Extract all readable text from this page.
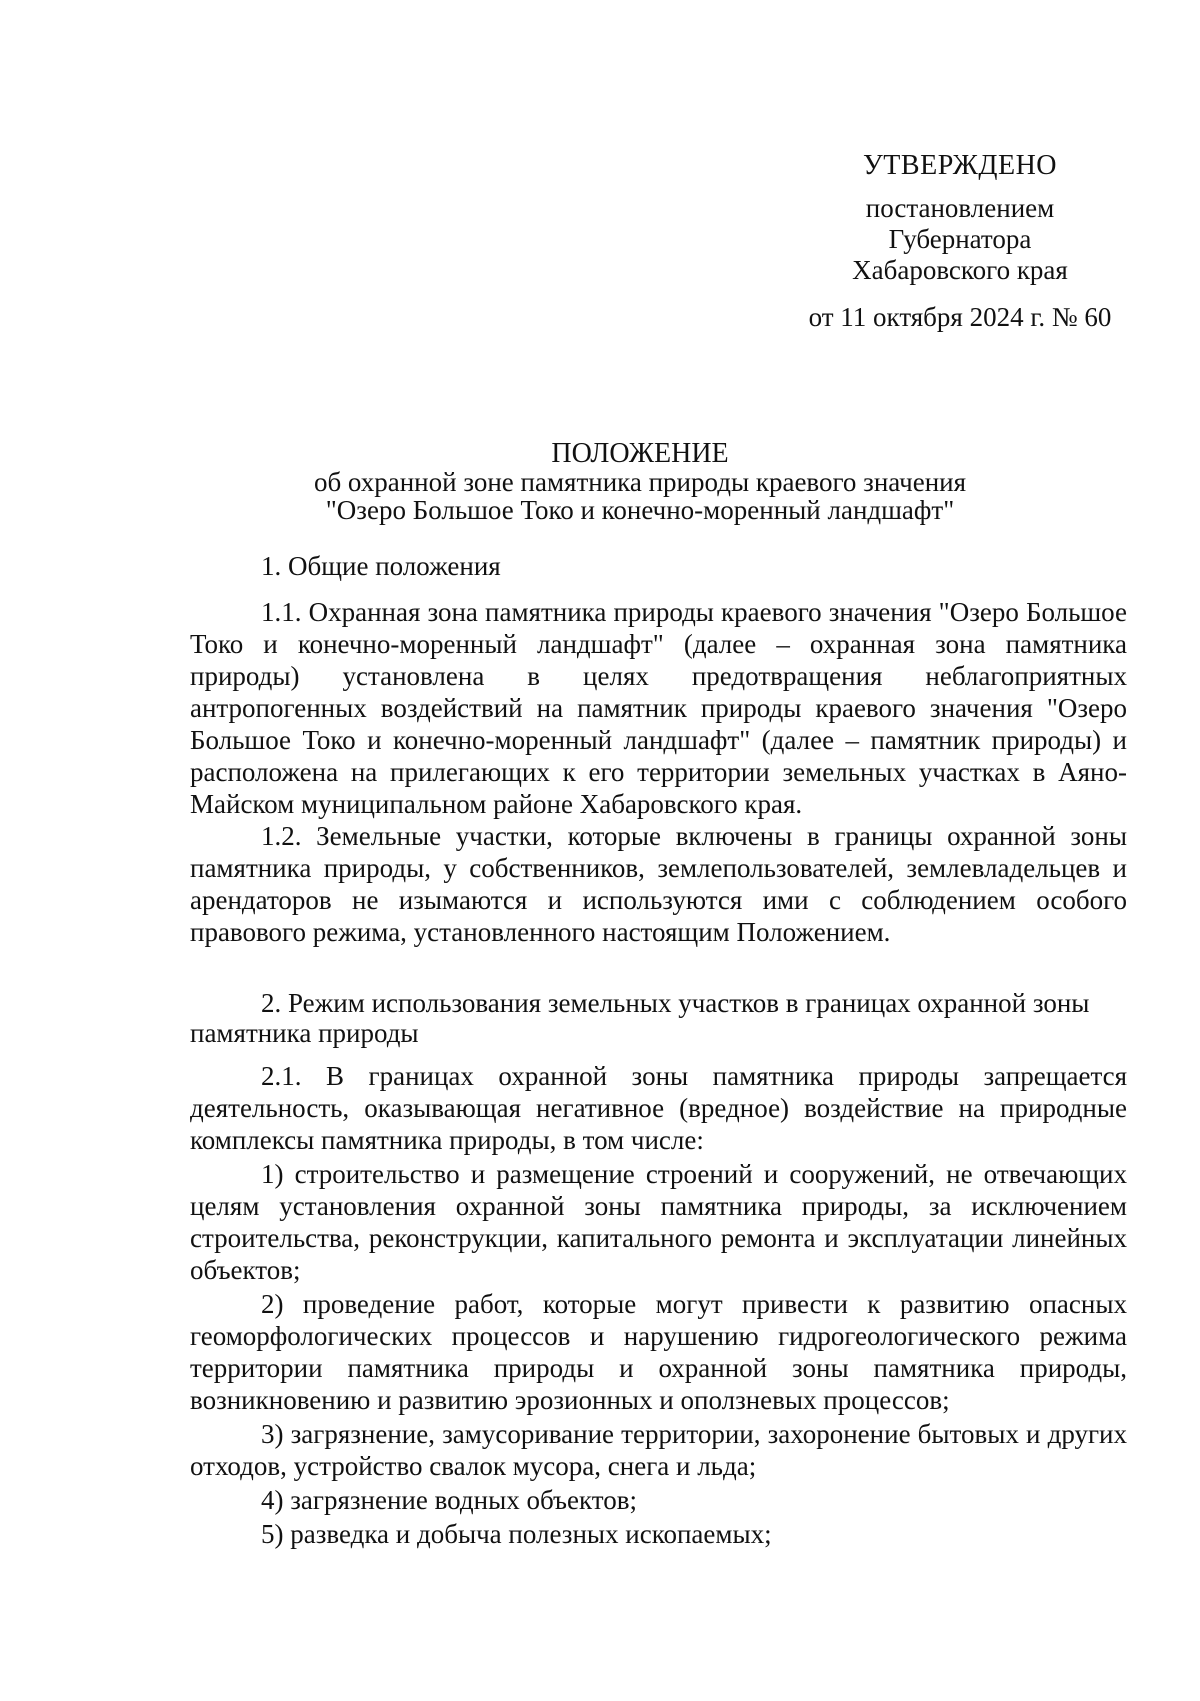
УТВЕРЖДЕНО
постановлением
Губернатора
Хабаровского края
от 11 октября 2024 г. № 60
ПОЛОЖЕНИЕ
об охранной зоне памятника природы краевого значения
"Озеро Большое Токо и конечно-моренный ландшафт"

1. Общие положения

1.1. Охранная зона памятника природы краевого значения "Озеро Большое Токо и конечно-моренный ландшафт" (далее – охранная зона памятника природы) установлена в целях предотвращения неблагоприятных антропогенных воздействий на памятник природы краевого значения "Озеро Большое Токо и конечно-моренный ландшафт" (далее – памятник природы) и расположена на прилегающих к его территории земельных участках в Аяно-Майском муниципальном районе Хабаровского края.

1.2. Земельные участки, которые включены в границы охранной зоны памятника природы, у собственников, землепользователей, землевладельцев и арендаторов не изымаются и используются ими с соблюдением особого правового режима, установленного настоящим Положением.

2. Режим использования земельных участков в границах охранной зоны

памятника природы

2.1. В границах охранной зоны памятника природы запрещается деятельность, оказывающая негативное (вредное) воздействие на природные комплексы памятника природы, в том числе:

1) строительство и размещение строений и сооружений, не отвечающих целям установления охранной зоны памятника природы, за исключением строительства, реконструкции, капитального ремонта и эксплуатации линейных объектов;

2) проведение работ, которые могут привести к развитию опасных геоморфологических процессов и нарушению гидрогеологического режима территории памятника природы и охранной зоны памятника природы, возникновению и развитию эрозионных и оползневых процессов;

3) загрязнение, замусоривание территории, захоронение бытовых и других отходов, устройство свалок мусора, снега и льда;

4) загрязнение водных объектов;

5) разведка и добыча полезных ископаемых;
